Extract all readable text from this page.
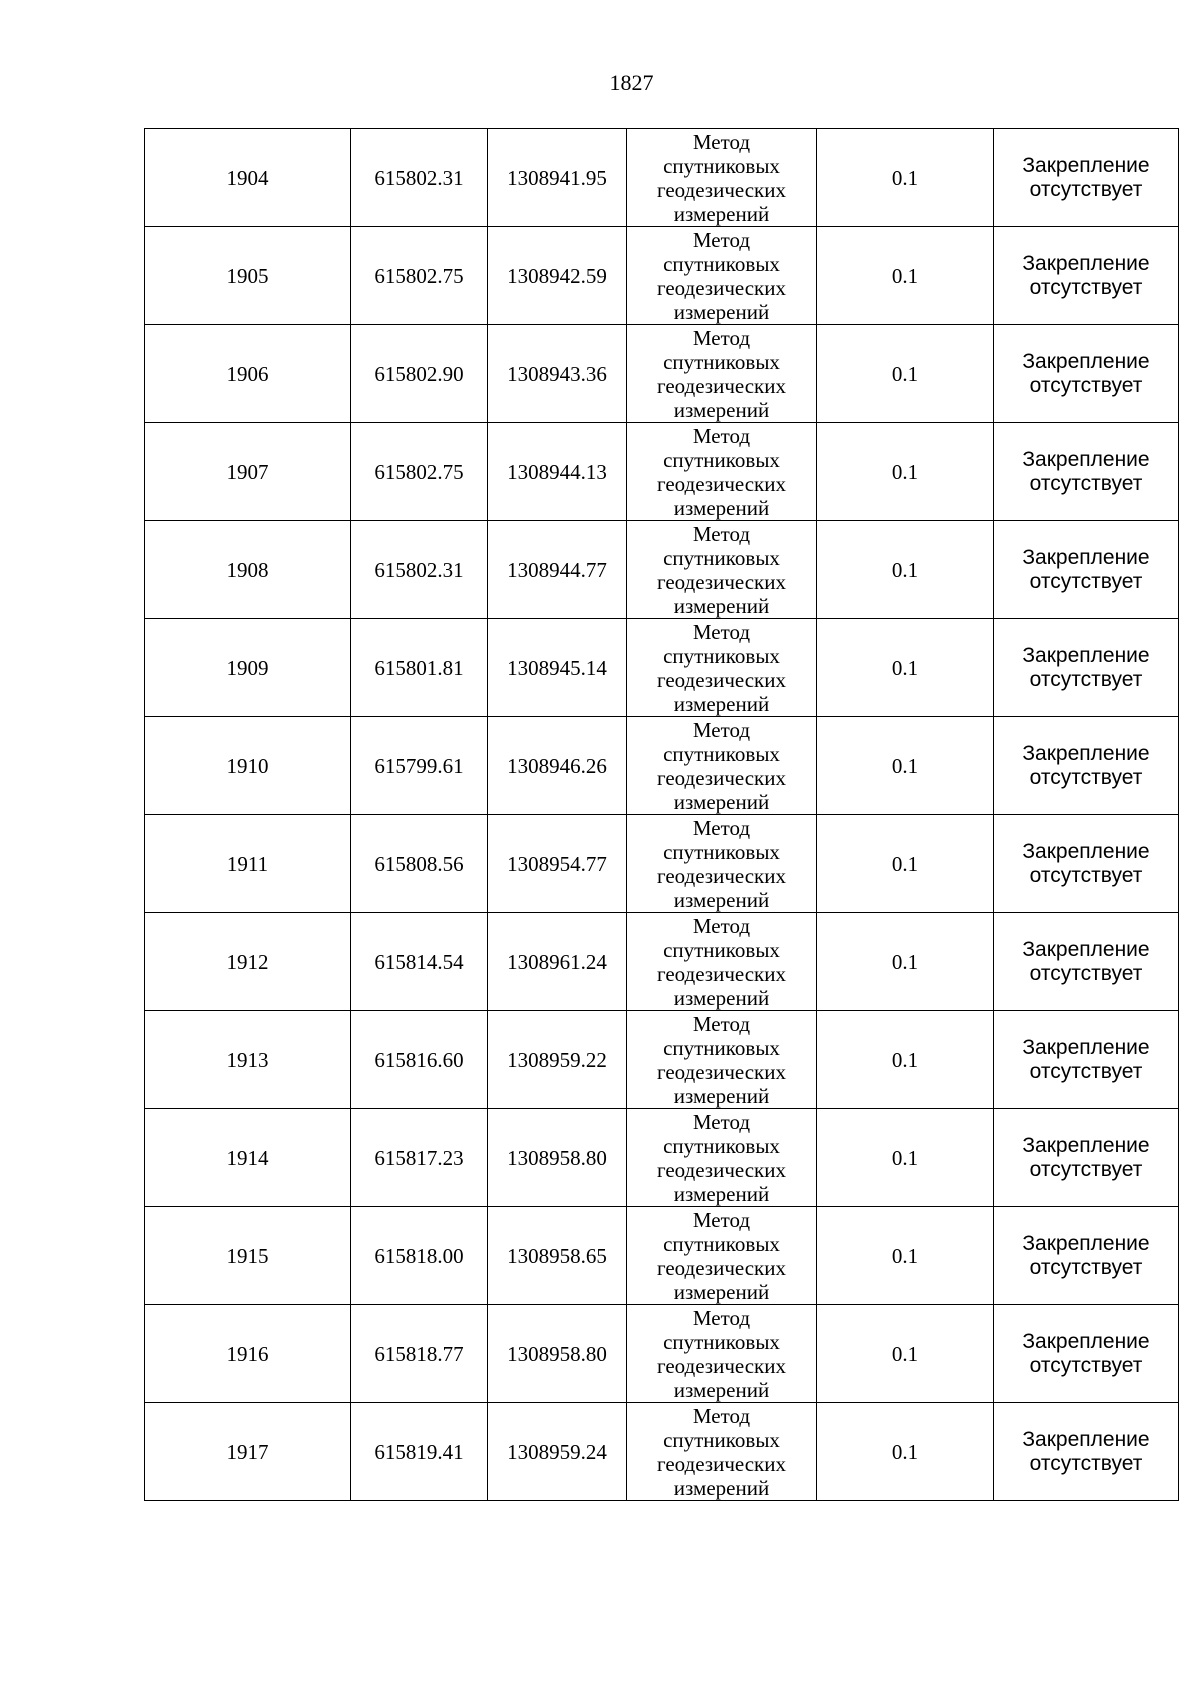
1827
1904	615802.31	1308941.95	Метод
спутниковых
геодезических
измерений	0.1	Закрепление
отсутствует

1905	615802.75	1308942.59	Метод
спутниковых
геодезических
измерений	0.1	Закрепление
отсутствует

1906	615802.90	1308943.36	Метод
спутниковых
геодезических
измерений	0.1	Закрепление
отсутствует

1907	615802.75	1308944.13	Метод
спутниковых
геодезических
измерений	0.1	Закрепление
отсутствует

1908	615802.31	1308944.77	Метод
спутниковых
геодезических
измерений	0.1	Закрепление
отсутствует

1909	615801.81	1308945.14	Метод
спутниковых
геодезических
измерений	0.1	Закрепление
отсутствует

1910	615799.61	1308946.26	Метод
спутниковых
геодезических
измерений	0.1	Закрепление
отсутствует

1911	615808.56	1308954.77	Метод
спутниковых
геодезических
измерений	0.1	Закрепление
отсутствует

1912	615814.54	1308961.24	Метод
спутниковых
геодезических
измерений	0.1	Закрепление
отсутствует

1913	615816.60	1308959.22	Метод
спутниковых
геодезических
измерений	0.1	Закрепление
отсутствует

1914	615817.23	1308958.80	Метод
спутниковых
геодезических
измерений	0.1	Закрепление
отсутствует

1915	615818.00	1308958.65	Метод
спутниковых
геодезических
измерений	0.1	Закрепление
отсутствует

1916	615818.77	1308958.80	Метод
спутниковых
геодезических
измерений	0.1	Закрепление
отсутствует

1917	615819.41	1308959.24	Метод
спутниковых
геодезических
измерений	0.1	Закрепление
отсутствует
